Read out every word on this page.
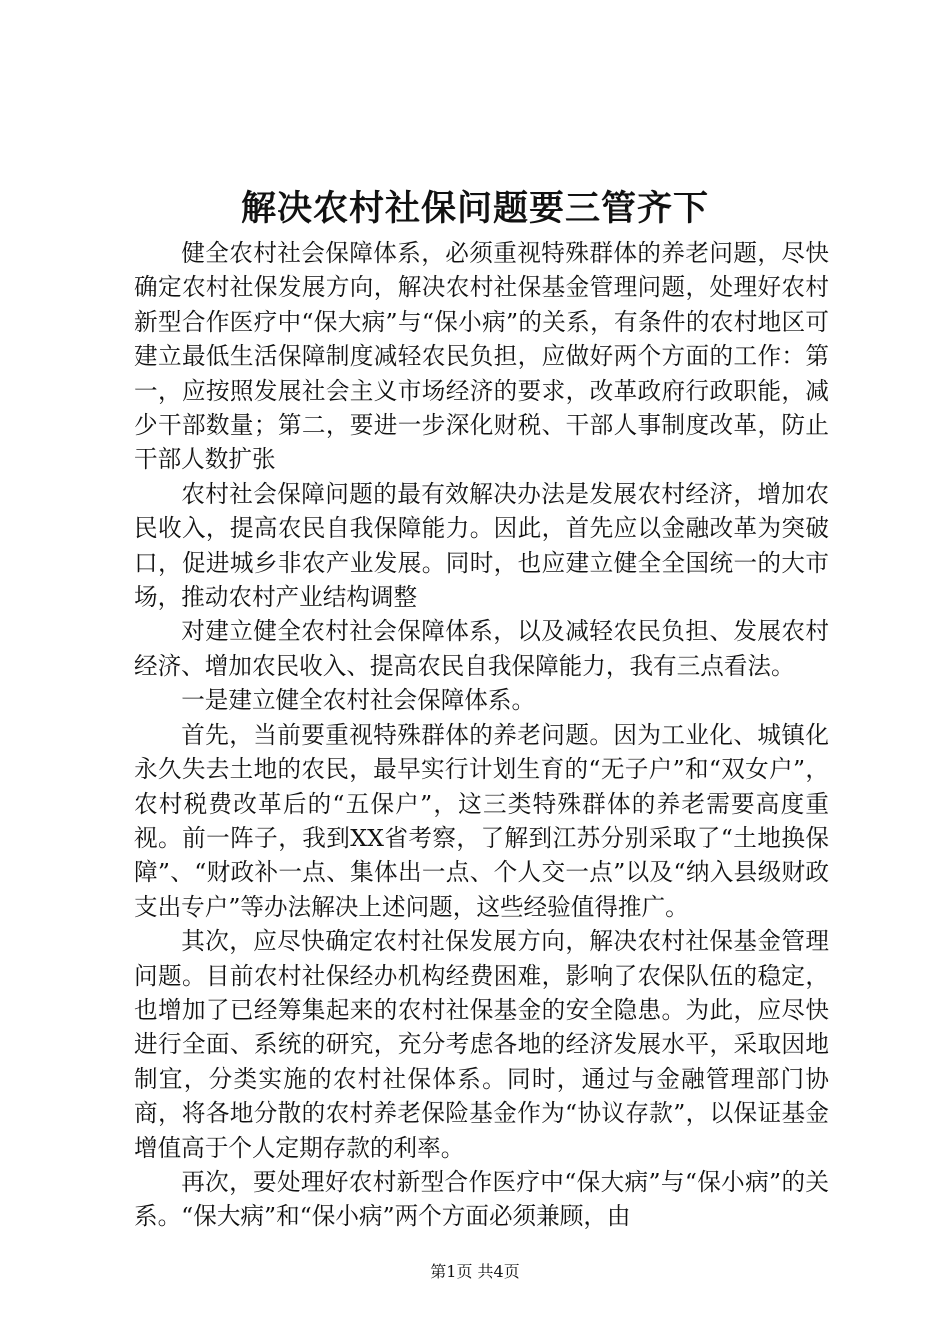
解决农村社保问题要三管齐下

健全农村社会保障体系，必须重视特殊群体的养老问题，尽快确定农村社保发展方向，解决农村社保基金管理问题，处理好农村新型合作医疗中“保大病”与“保小病”的关系，有条件的农村地区可建立最低生活保障制度减轻农民负担，应做好两个方面的工作：第一，应按照发展社会主义市场经济的要求，改革政府行政职能，减少干部数量；第二，要进一步深化财税、干部人事制度改革，防止干部人数扩张

农村社会保障问题的最有效解决办法是发展农村经济，增加农民收入，提高农民自我保障能力。因此，首先应以金融改革为突破口，促进城乡非农产业发展。同时，也应建立健全全国统一的大市场，推动农村产业结构调整

对建立健全农村社会保障体系，以及减轻农民负担、发展农村经济、增加农民收入、提高农民自我保障能力，我有三点看法。

一是建立健全农村社会保障体系。

首先，当前要重视特殊群体的养老问题。因为工业化、城镇化永久失去土地的农民，最早实行计划生育的“无子户”和“双女户”，农村税费改革后的“五保户”，这三类特殊群体的养老需要高度重视。前一阵子，我到XX省考察，了解到江苏分别采取了“土地换保障”、“财政补一点、集体出一点、个人交一点”以及“纳入县级财政支出专户”等办法解决上述问题，这些经验值得推广。

其次，应尽快确定农村社保发展方向，解决农村社保基金管理问题。目前农村社保经办机构经费困难，影响了农保队伍的稳定，也增加了已经筹集起来的农村社保基金的安全隐患。为此，应尽快进行全面、系统的研究，充分考虑各地的经济发展水平，采取因地制宜，分类实施的农村社保体系。同时，通过与金融管理部门协商，将各地分散的农村养老保险基金作为“协议存款”，以保证基金增值高于个人定期存款的利率。

再次，要处理好农村新型合作医疗中“保大病”与“保小病”的关系。“保大病”和“保小病”两个方面必须兼顾，由

第1页 共4页
